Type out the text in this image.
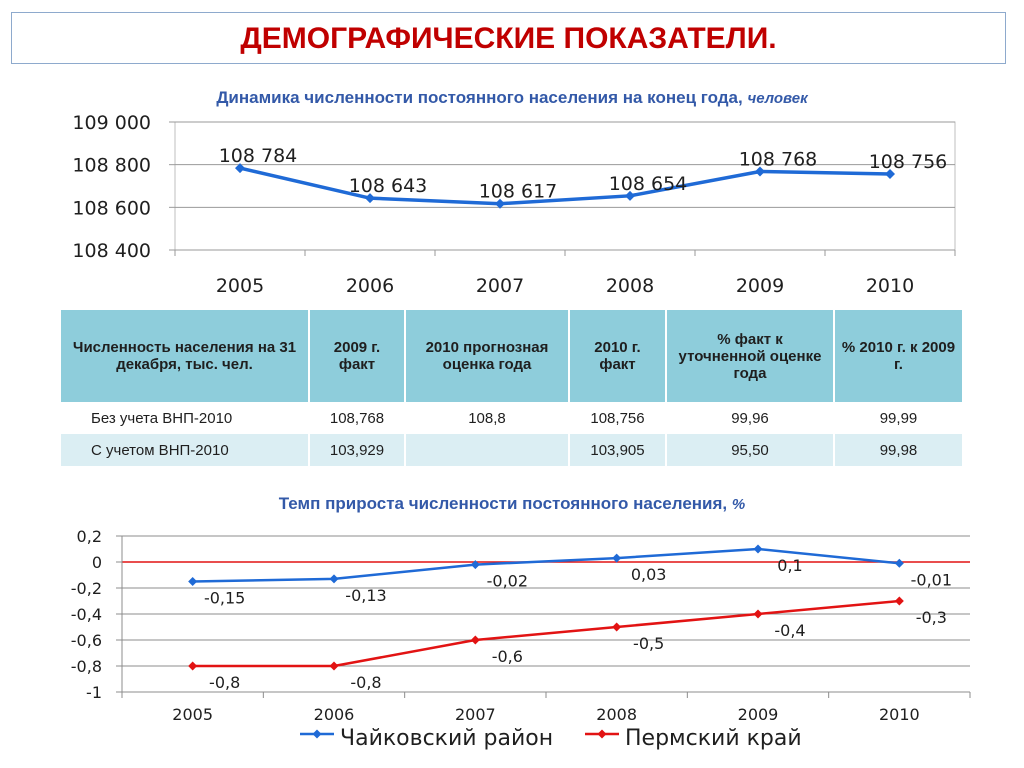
ДЕМОГРАФИЧЕСКИЕ ПОКАЗАТЕЛИ.
Динамика численности постоянного населения на конец года, человек
109 000
108 800
108 600
108 400
2005	2006	2007	2008	2009	2010
108 784
108 643	108 617	108 654
108 768	108 756
Численность населения на 31 декабря, тыс. чел.	2009 г. факт	2010 прогнозная оценка года	2010 г. факт	% факт к уточненной оценке года	% 2010 г. к 2009 г.
Без учета ВНП-2010	108,768	108,8	108,756	99,96	99,99
С учетом ВНП-2010	103,929		103,905	95,50	99,98
Темп прироста численности постоянного населения, %
0,2
0
-0,2
-0,4
-0,6
-0,8
-1
2005	2006	2007	2008	2009	2010
-0,15	-0,13
-0,02	0,03	0,1
-0,01
-0,8	-0,8
-0,6
-0,5
-0,4
-0,3
Чайковский район	Пермский край
